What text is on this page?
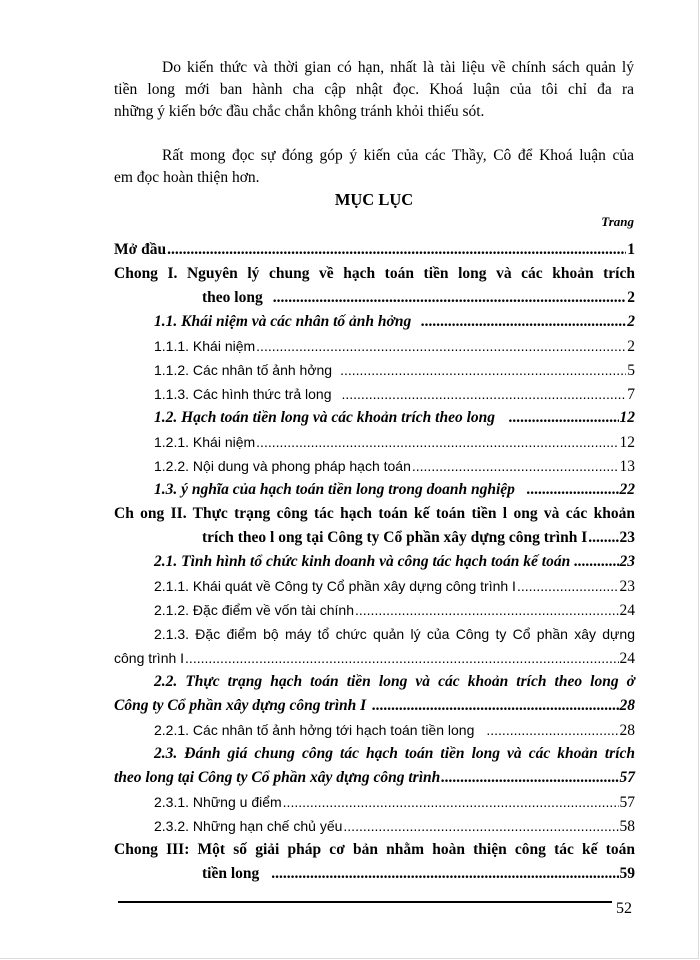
Do kiến thức và thời gian có hạn, nhất là tài liệu về chính sách quản lý
tiền long mới ban hành cha cập nhật đọc. Khoá luận của tôi chỉ đa ra
những ý kiến bớc đầu chắc chắn không tránh khỏi thiếu sót.
Rất mong đọc sự đóng góp ý kiến của các Thầy, Cô để Khoá luận của
em đọc hoàn thiện hơn.
MỤC LỤC
Trang
Mở đầu .....	1
Chong I. Nguyên lý chung về hạch toán tiền long và các khoản trích
theo long .....	2
1.1. Khái niệm và các nhân tố ảnh hởng .....	2
1.1.1. Khái niệm .....	2
1.1.2. Các nhân tố ảnh hởng .....	5
1.1.3. Các hình thức trả long .....	7
1.2. Hạch toán tiền long và các khoản trích theo long .....	12
1.2.1. Khái niệm .....	12
1.2.2. Nội dung và phong pháp hạch toán .....	13
1.3. ý nghĩa của hạch toán tiền long trong doanh nghiệp .....	22
Ch ong II. Thực trạng công tác hạch toán kế toán tiền l ong và các khoản
trích theo l ong tại Công ty Cổ phần xây dựng công trình I ..... 23
2.1. Tình hình tổ chức kinh doanh và công tác hạch toán kế toán .....	23
2.1.1. Khái quát về Công ty Cổ phần xây dựng công trình I .....	23
2.1.2. Đặc điểm về vốn tài chính .....	24
2.1.3. Đặc điểm bộ máy tổ chức quản lý của Công ty Cổ phần xây dựng
công trình I .....	24
2.2. Thực trạng hạch toán tiền long và các khoản trích theo long ở
Công ty Cổ phần xây dựng công trình I .....	28
2.2.1. Các nhân tố ảnh hởng tới hạch toán tiền long .....	28
2.3. Đánh giá chung công tác hạch toán tiền long và các khoản trích
theo long tại Công ty Cổ phần xây dựng công trình .....	57
2.3.1. Những u điểm .....	57
2.3.2. Những hạn chế chủ yếu .....	58
Chong III: Một số giải pháp cơ bản nhằm hoàn thiện công tác kế toán
tiền long .....	59
52
